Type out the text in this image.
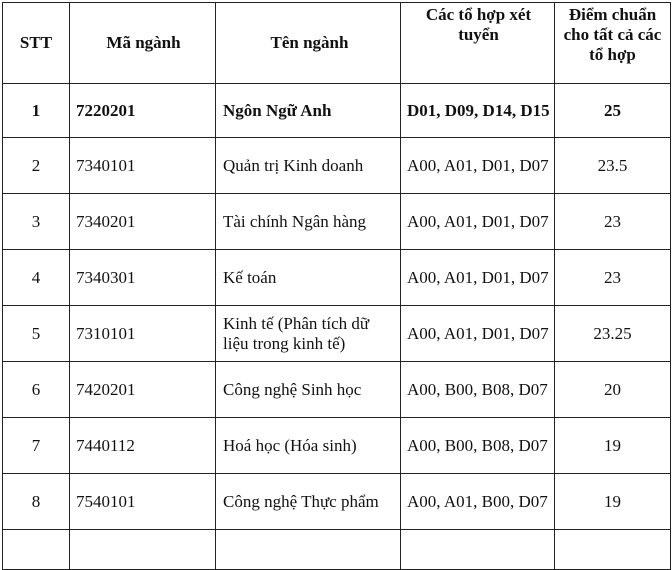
STT	Mã ngành	Tên ngành	Các tổ hợp xét tuyển	Điểm chuẩn cho tất cả các tổ hợp
1	7220201	Ngôn Ngữ Anh	D01, D09, D14, D15	25
2	7340101	Quản trị Kinh doanh	A00, A01, D01, D07	23.5
3	7340201	Tài chính Ngân hàng	A00, A01, D01, D07	23
4	7340301	Kế toán	A00, A01, D01, D07	23
5	7310101	Kinh tế (Phân tích dữ liệu trong kinh tế)	A00, A01, D01, D07	23.25
6	7420201	Công nghệ Sinh học	A00, B00, B08, D07	20
7	7440112	Hoá học (Hóa sinh)	A00, B00, B08, D07	19
8	7540101	Công nghệ Thực phẩm	A00, A01, B00, D07	19
